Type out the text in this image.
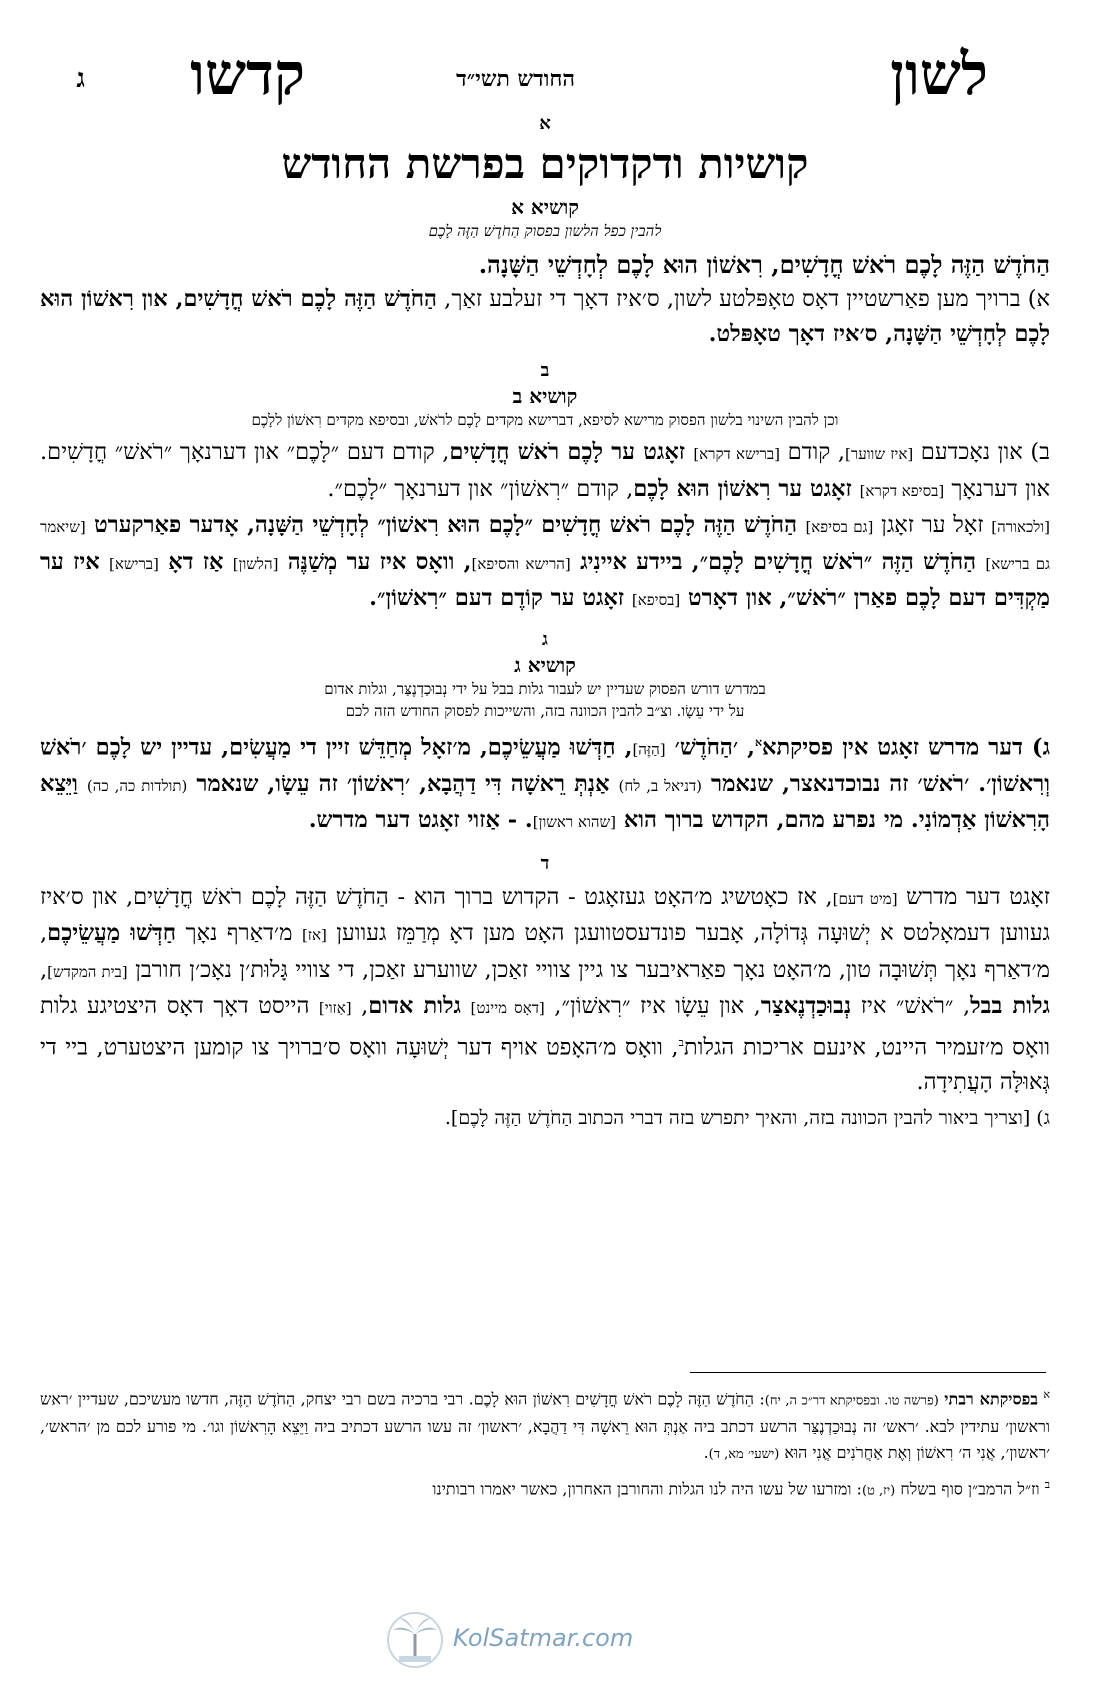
לשון
החודש תשי״ד
קדשו
ג

א

קושיות ודקדוקים בפרשת החודש

קושיא א

להבין כפל הלשון בפסוק הַחֹדֶשׁ הַזֶּה לָכֶם

הַחֹדֶשׁ הַזֶּה לָכֶם רֹאשׁ חֳדָשִׁים, רִאשׁוֹן הוּא לָכֶם לְחָדְשֵׁי הַשָּׁנָה.

א) ברויך מען פאַרשטיין דאָס טאָפּלטע לשון, ס׳איז דאָך די זעלבע זאַך, הַחֹדֶשׁ הַזֶּה לָכֶם רֹאשׁ חֳדָשִׁים, און רִאשׁוֹן הוּא לָכֶם לְחָדְשֵׁי הַשָּׁנָה, ס׳איז דאָך טאָפּלט.

ב

קושיא ב

וכן להבין השינוי בלשון הפסוק מרישא לסיפא, דברישא מקדים לָכֶם לרֹאשׁ, ובסיפא מקדים רִאשׁוֹן ללָכֶם

ב) און נאָכדעם [איז שווער], קודם [ברישא דקרא] זאָגט ער לָכֶם רֹאשׁ חֳדָשִׁים, קודם דעם ״לָכֶם״ און דערנאָך ״רֹאשׁ״ חֳדָשִׁים. און דערנאָך [בסיפא דקרא] זאָגט ער רִאשׁוֹן הוּא לָכֶם, קודם ״רִאשׁוֹן״ און דערנאָך ״לָכֶם״.

[ולכאורה] זאָל ער זאָגן [גם בסיפא] הַחֹדֶשׁ הַזֶּה לָכֶם רֹאשׁ חֳדָשִׁים ״לָכֶם הוּא רִאשׁוֹן״ לְחָדְשֵׁי הַשָּׁנָה, אָדער פאַרקערט [שיאמר גם ברישא] הַחֹדֶשׁ הַזֶּה ״רֹאשׁ חֳדָשִׁים לָכֶם״, ביידע איינִיג [הרישא והסיפא], וואָס איז ער מְשַׁנֶּה [הלשון] אַז דאָ [ברישא] איז ער מַקְדִּים דעם לָכֶם פאַרן ״רֹאשׁ״, און דאָרט [בסיפא] זאָגט ער קוֹדֶם דעם ״רִאשׁוֹן״.

ג

קושיא ג

במדרש דורש הפסוק שעדיין יש לעבור גלות בבל על ידי נְבוּכַדְנֶצַּר, וגלות אדום

על ידי עֵשָׂו. וצ״ב להבין הכוונה בזה, והשייכות לפסוק החודש הזה לכם

ג) דער מדרש זאָגט אין פסיקתא$^א$, ׳הַחֹדֶשׁ׳ [הַזֶּה], חַדְּשׁוּ מַעֲשֵׂיכֶם, מ׳זאָל מְחַדֵּשׁ זיין די מַעֲשִׂים, עדיין יש לָכֶם ׳רֹאשׁ וְרִאשׁוֹן׳. ׳רֹאשׁ׳ זה נבוכדנאצר, שנאמר (דניאל ב, לח) אַנְתְּ רֵאשָׁה דִּי דַהֲבָא, ׳רִאשׁוֹן׳ זה עֵשָׂו, שנאמר (תולדות כה, כה) וַיֵּצֵא הָרִאשׁוֹן אַדְמוֹנִי. מי נפרע מהם, הקדוש ברוך הוא [שהוא ראשון]. - אַזוי זאָגט דער מדרש.

ד

זאָגט דער מדרש [מיט דעם], אז כאָטשיג מ׳האָט געזאָגט - הקדוש ברוך הוא - הַחֹדֶשׁ הַזֶּה לָכֶם רֹאשׁ חֳדָשִׁים, און ס׳איז געווען דעמאָלטס א יְשׁוּעָה גְּדוֹלָה, אָבער פונדעסטוועגן האָט מען דאָ מְרַמֵּז געווען [אז] מ׳דאַרף נאָך חַדְּשׁוּ מַעֲשֵׂיכֶם, מ׳דאַרף נאָך תְּשׁוּבָה טון, מ׳האָט נאָך פאַראיבער צו גיין צוויי זאַכן, שווערע זאַכן, די צוויי גָּלוּת׳ן נאָכ׳ן חורבן [בית המקדש], גלות בבל, ״רֹאשׁ״ איז נְבוּכַדְנֶאצַר, און עֵשָׂו איז ״רִאשׁוֹן״, [דאָס מיינט] גלות אדום, [אַזוי] הייסט דאָך דאָס היצטיגע גלות וואָס מ׳זעמיר היינט, אינעם אריכות הגלות$^ב$, וואָס מ׳האָפט אויף דער יְשׁוּעָה וואָס ס׳ברויך צו קומען היצטערט, ביי די גְּאוּלָּה הָעֲתִידָה.

ג) [וצריך ביאור להבין הכוונה בזה, והאיך יתפרש בזה דברי הכתוב הַחֹדֶשׁ הַזֶּה לָכֶם].

$^א$ בפסיקתא רבתי (פרשה טו. ובפסיקתא דר״כ ה, יח): הַחֹדֶשׁ הַזֶּה לָכֶם רֹאשׁ חֳדָשִׁים רִאשׁוֹן הוּא לָכֶם. רבי ברכיה בשם רבי יצחק, הַחֹדֶשׁ הַזֶּה, חדשו מעשיכם, שעדיין ׳ראש וראשון׳ עתידין לבא. ׳ראש׳ זה נְבוּכַדְנֶצַּר הרשע דכתב ביה אַנְתְּ הוּא רֵאשָׁה דִּי דַהֲבָא, ׳ראשון׳ זה עשו הרשע דכתיב ביה וַיֵּצֵא הָרִאשׁוֹן וגו׳. מי פורע לכם מן ׳הראש׳, ׳ראשון׳, אֲנִי ה׳ רִאשׁוֹן וְאֶת אַחֲרֹנִים אֲנִי הוּא (ישעי׳ מא, ד).

$^ב$ וז״ל הרמב״ן סוף בשלח (יז, ט): ומזרעו של עשו היה לנו הגלות והחורבן האחרון, כאשר יאמרו רבותינו

KolSatmar.com
